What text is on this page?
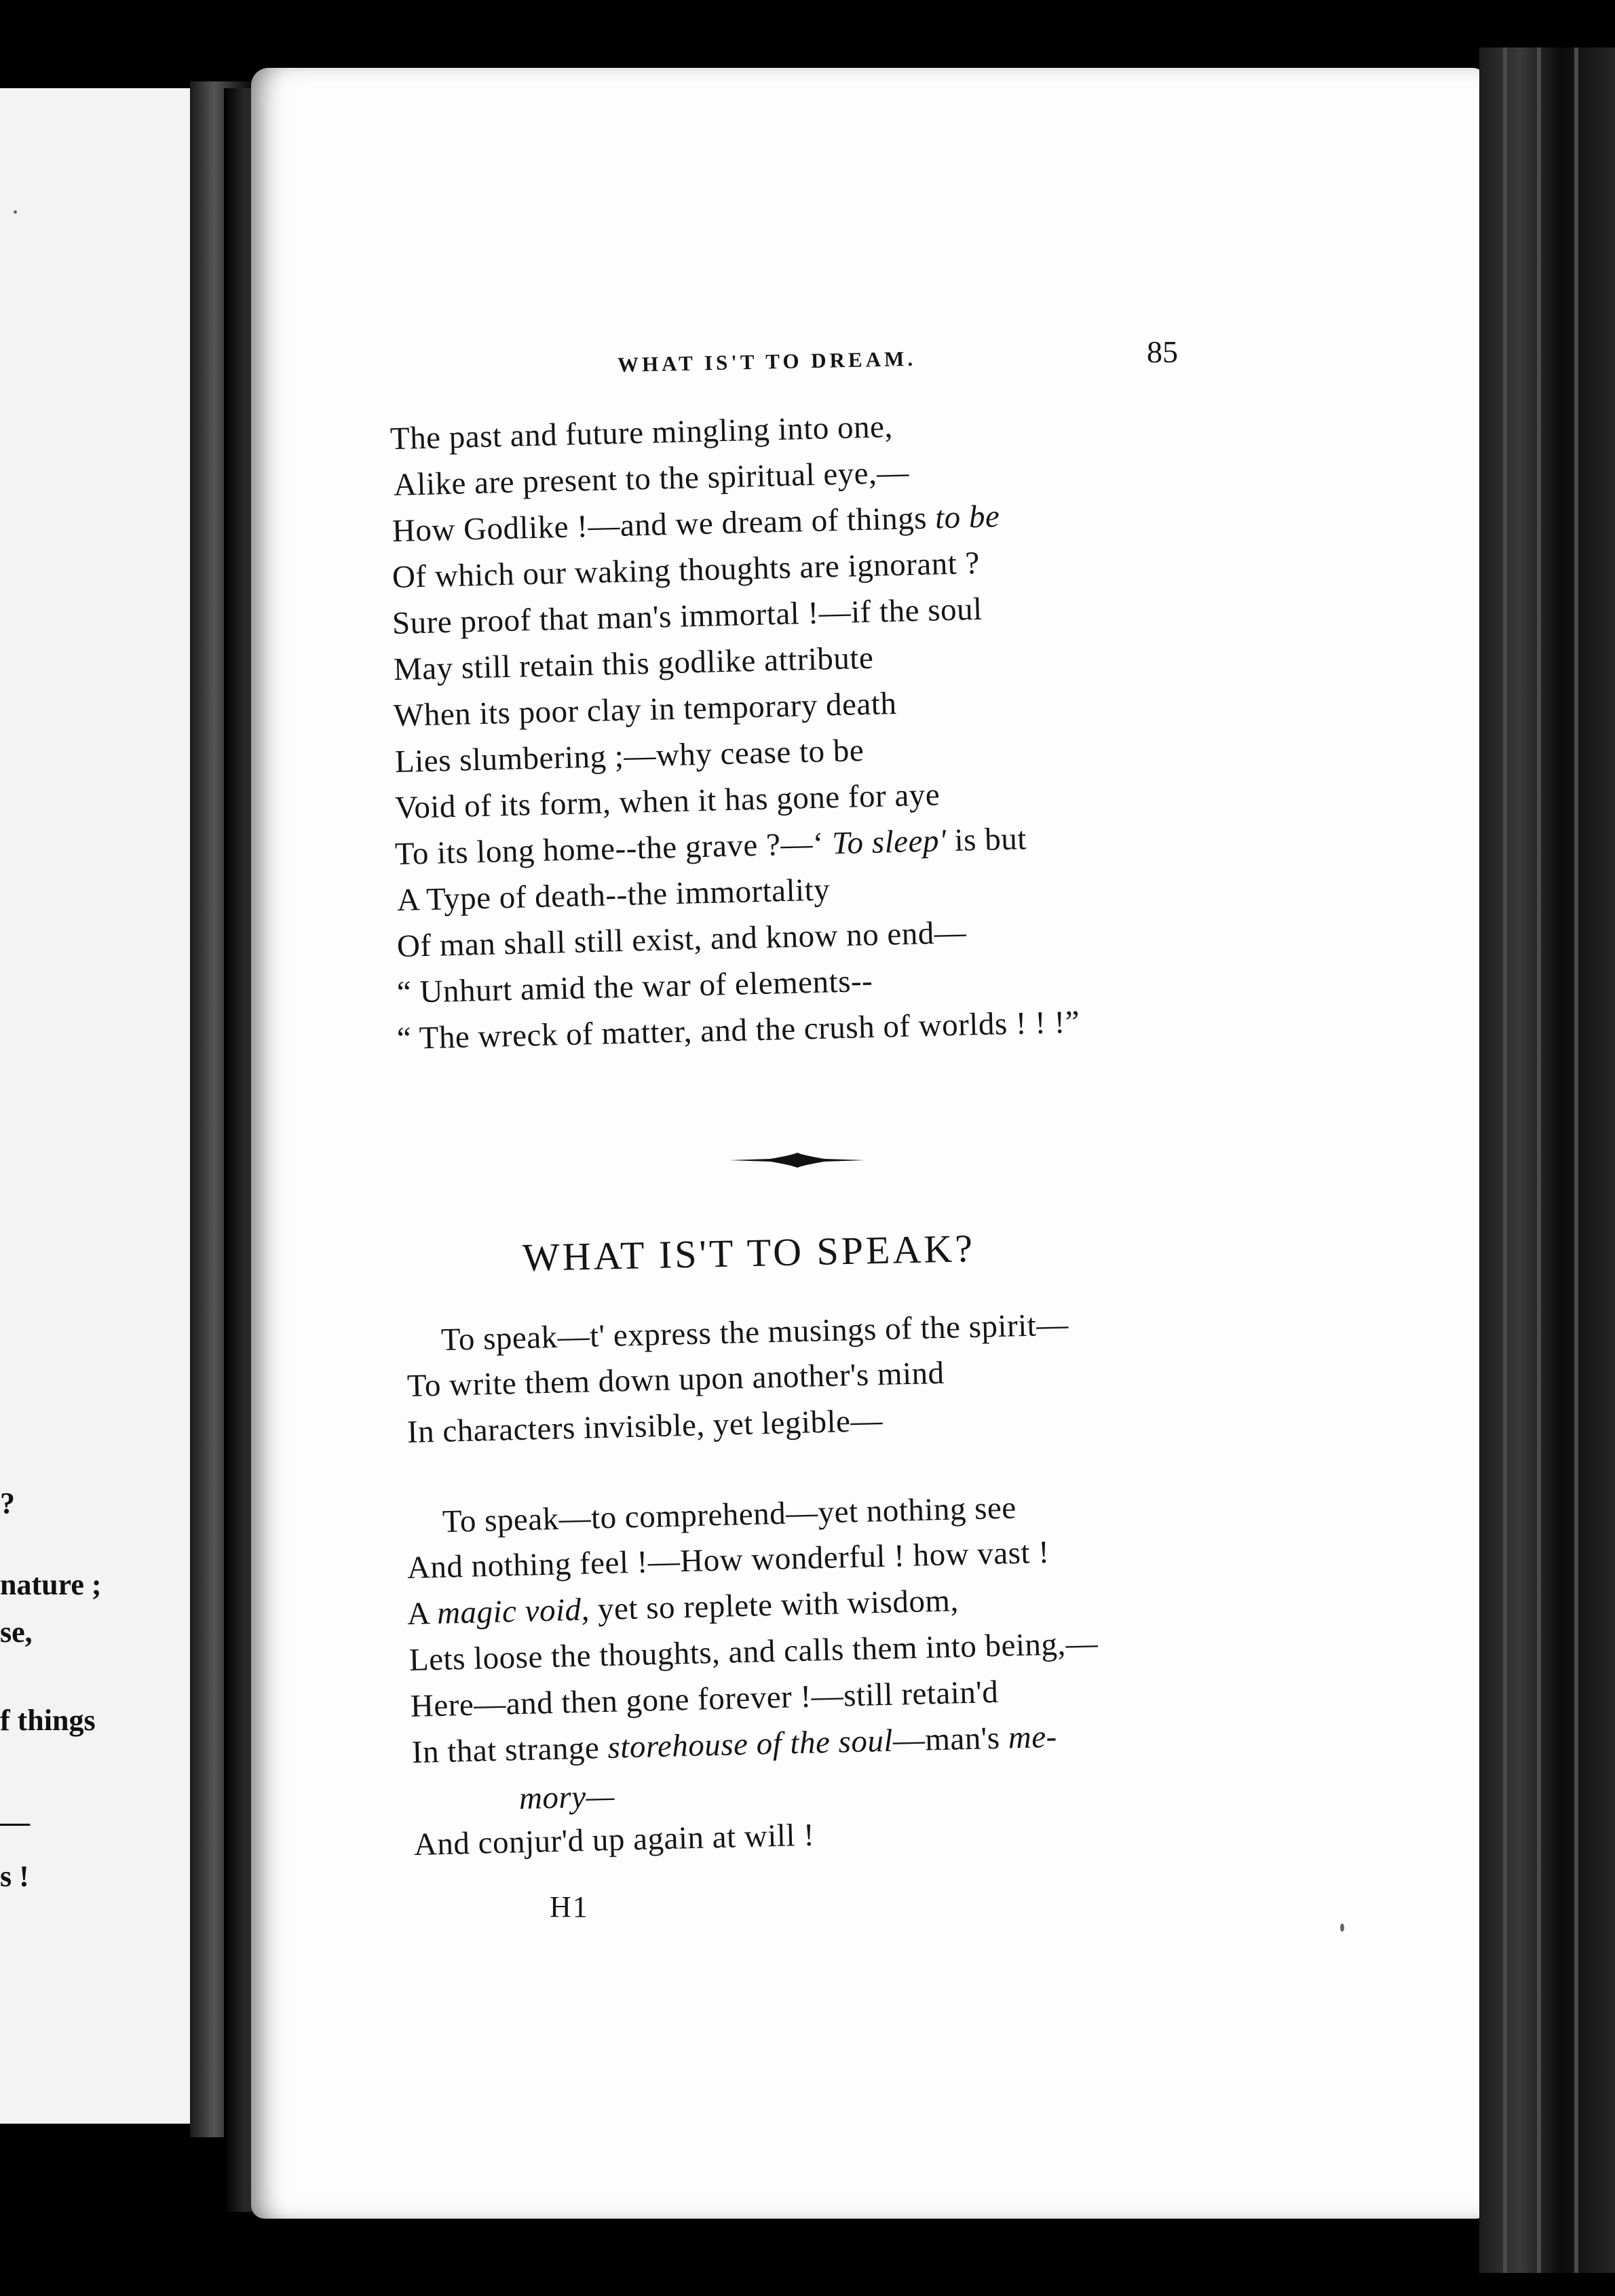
?
nature ;
se,
f things
—
s !
WHAT IS'T TO DREAM.	85
The past and future mingling into one,
Alike are present to the spiritual eye,—
How Godlike !—and we dream of things to be
Of which our waking thoughts are ignorant ?
Sure proof that man's immortal !—if the soul
May still retain this godlike attribute
When its poor clay in temporary death
Lies slumbering ;—why cease to be
Void of its form, when it has gone for aye
To its long home--the grave ?—‘ To sleep' is but
A Type of death--the immortality
Of man shall still exist, and know no end—
“ Unhurt amid the war of elements--
“ The wreck of matter, and the crush of worlds ! ! !”
WHAT IS'T TO SPEAK?
To speak—t' express the musings of the spirit—
To write them down upon another's mind
In characters invisible, yet legible—
To speak—to comprehend—yet nothing see
And nothing feel !—How wonderful ! how vast !
A magic void, yet so replete with wisdom,
Lets loose the thoughts, and calls them into being,—
Here—and then gone forever !—still retain'd
In that strange storehouse of the soul—man's me-
mory—
And conjur'd up again at will !
H1
